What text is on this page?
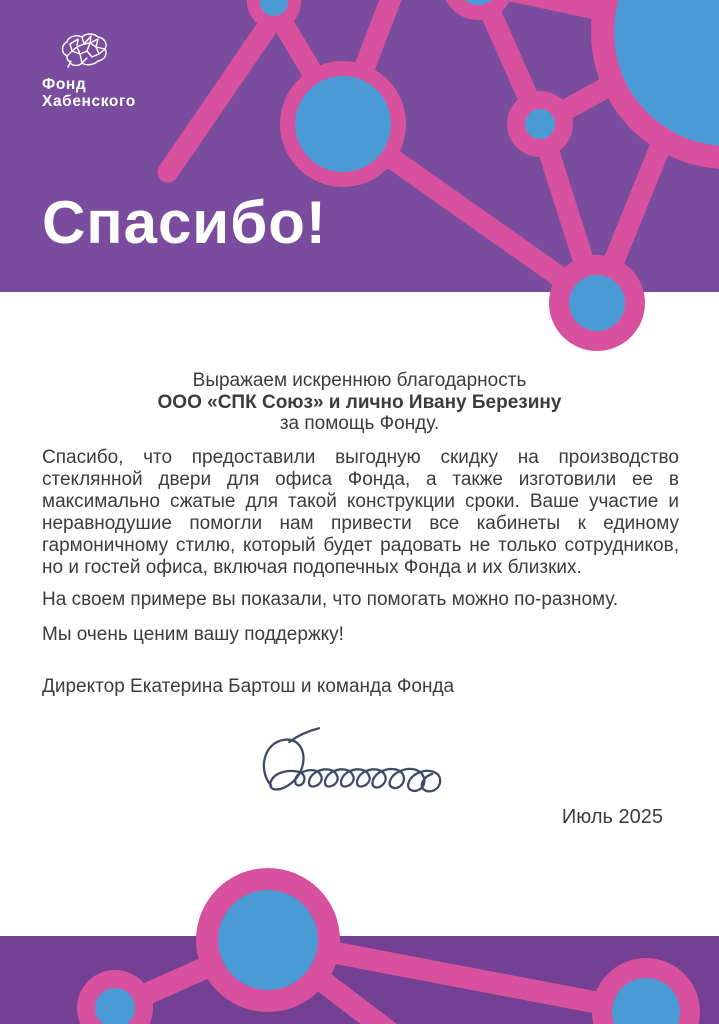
Фонд
Хабенского
Спасибо!
Выражаем искреннюю благодарность
ООО «СПК Союз» и лично Ивану Березину
за помощь Фонду.
Спасибо, что предоставили выгодную скидку на производство стеклянной двери для офиса Фонда, а также изготовили ее в максимально сжатые для такой конструкции сроки. Ваше участие и неравнодушие помогли нам привести все кабинеты к единому гармоничному стилю, который будет радовать не только сотрудников, но и гостей офиса, включая подопечных Фонда и их близких.
На своем примере вы показали, что помогать можно по-разному.
Мы очень ценим вашу поддержку!
Директор Екатерина Бартош и команда Фонда
Июль 2025
